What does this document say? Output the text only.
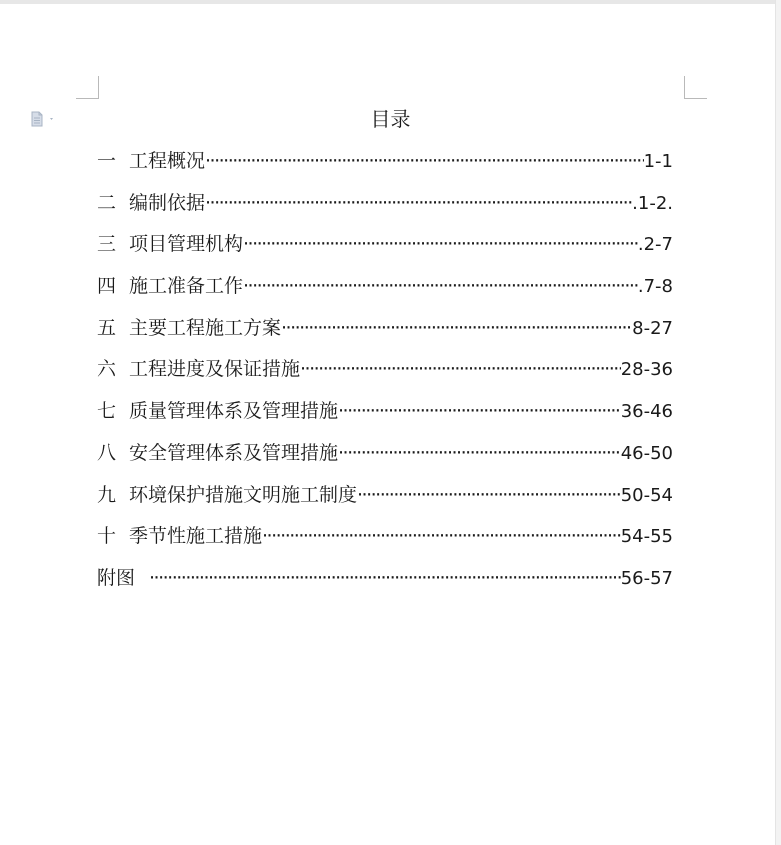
目录
一 工程概况 ·····	1-1
二 编制依据 ·····	.1-2.
三 项目管理机构 ·····	.2-7
四 施工准备工作 ·····	.7-8
五 主要工程施工方案 ·····	8-27
六 工程进度及保证措施 ·····	28-36
七 质量管理体系及管理措施 ·····	36-46
八 安全管理体系及管理措施 ·····	46-50
九 环境保护措施文明施工制度 ·····	50-54
十 季节性施工措施 ·····	54-55
附图 ·····	56-57
